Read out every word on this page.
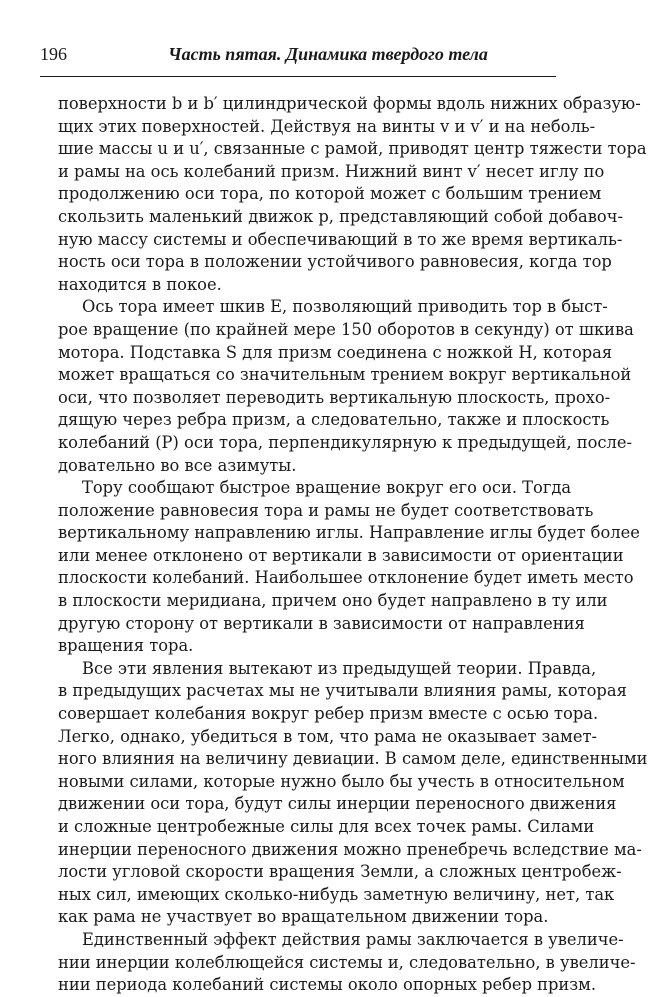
196	Часть пятая. Динамика твердого тела
поверхности b и b′ цилиндрической формы вдоль нижних образую-
щих этих поверхностей. Действуя на винты v и v′ и на неболь-
шие массы u и u′, связанные с рамой, приводят центр тяжести тора
и рамы на ось колебаний призм. Нижний винт v′ несет иглу по
продолжению оси тора, по которой может с большим трением
скользить маленький движок p, представляющий собой добавоч-
ную массу системы и обеспечивающий в то же время вертикаль-
ность оси тора в положении устойчивого равновесия, когда тор
находится в покое.
Ось тора имеет шкив E, позволяющий приводить тор в быст-
рое вращение (по крайней мере 150 оборотов в секунду) от шкива
мотора. Подставка S для призм соединена с ножкой H, которая
может вращаться со значительным трением вокруг вертикальной
оси, что позволяет переводить вертикальную плоскость, прохо-
дящую через ребра призм, а следовательно, также и плоскость
колебаний (P) оси тора, перпендикулярную к предыдущей, после-
довательно во все азимуты.
Тору сообщают быстрое вращение вокруг его оси. Тогда
положение равновесия тора и рамы не будет соответствовать
вертикальному направлению иглы. Направление иглы будет более
или менее отклонено от вертикали в зависимости от ориентации
плоскости колебаний. Наибольшее отклонение будет иметь место
в плоскости меридиана, причем оно будет направлено в ту или
другую сторону от вертикали в зависимости от направления
вращения тора.
Все эти явления вытекают из предыдущей теории. Правда,
в предыдущих расчетах мы не учитывали влияния рамы, которая
совершает колебания вокруг ребер призм вместе с осью тора.
Легко, однако, убедиться в том, что рама не оказывает замет-
ного влияния на величину девиации. В самом деле, единственными
новыми силами, которые нужно было бы учесть в относительном
движении оси тора, будут силы инерции переносного движения
и сложные центробежные силы для всех точек рамы. Силами
инерции переносного движения можно пренебречь вследствие ма-
лости угловой скорости вращения Земли, а сложных центробеж-
ных сил, имеющих сколько-нибудь заметную величину, нет, так
как рама не участвует во вращательном движении тора.
Единственный эффект действия рамы заключается в увеличе-
нии инерции колеблющейся системы и, следовательно, в увеличе-
нии периода колебаний системы около опорных ребер призм.
